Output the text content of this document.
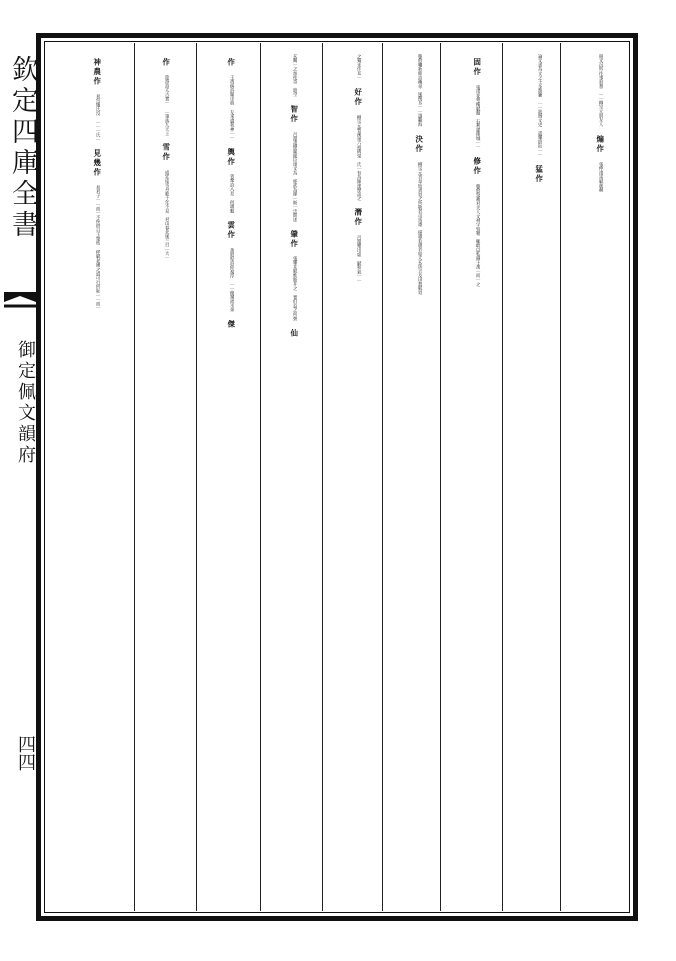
欽定四庫全書
御定佩文韻府
四四
冊文沉吟往事追想
｜｜柳宗元與友人
煽作
張仲甫雷賦葩赫
論文書為文之士多漁獵
｜｜戕賊文史
震耀紛紜｜｜
猛作
固作
張甫花萼樓賦盤
石利建維城｜｜
修作
韓愈祭湘君夫人文祠宇毀頓
輒敢以私錢十萬｜而｜之
韓愈喇新睦詩幽尋
風搜耳｜｜濤翻海
決作
柳宗元答韋珩書退之所敬者司馬遷
揚雄若雄者如太玄法言及田愁賦退
之獨未作耳｜
好作
柳宗元曹溪第六祖碑梁
氏｜有為師達摩訊之
潛作
呂溫樂出虛
賦和氣｜｜
玄關｜之加忱奇
暗空
智作
呂溫凌煙閣勛臣頌文為
經武為緯｜斯｜忠斯述
肇作
張耀井賦惟斯井之
實伯益之所營
仙
作
王禹偁詩閣中朋
友來遺我神｜｜
輿作
曾鞏詩入見
何雄魁
雲作
黃庭堅詩仰視浮
｜｜俯窺流水奔
傑
作
陸游詩太古實｜
｜筆落九天上
雪作
成廷珪雪舟歌十年不見
君山春北風三日｜大｜
神農作
易包犧氏沒
｜｜｜氏｜
見幾作
易君子｜｜而｜不俟終日王棨枯
桴賦老圃之道可行何恥｜｜而｜
